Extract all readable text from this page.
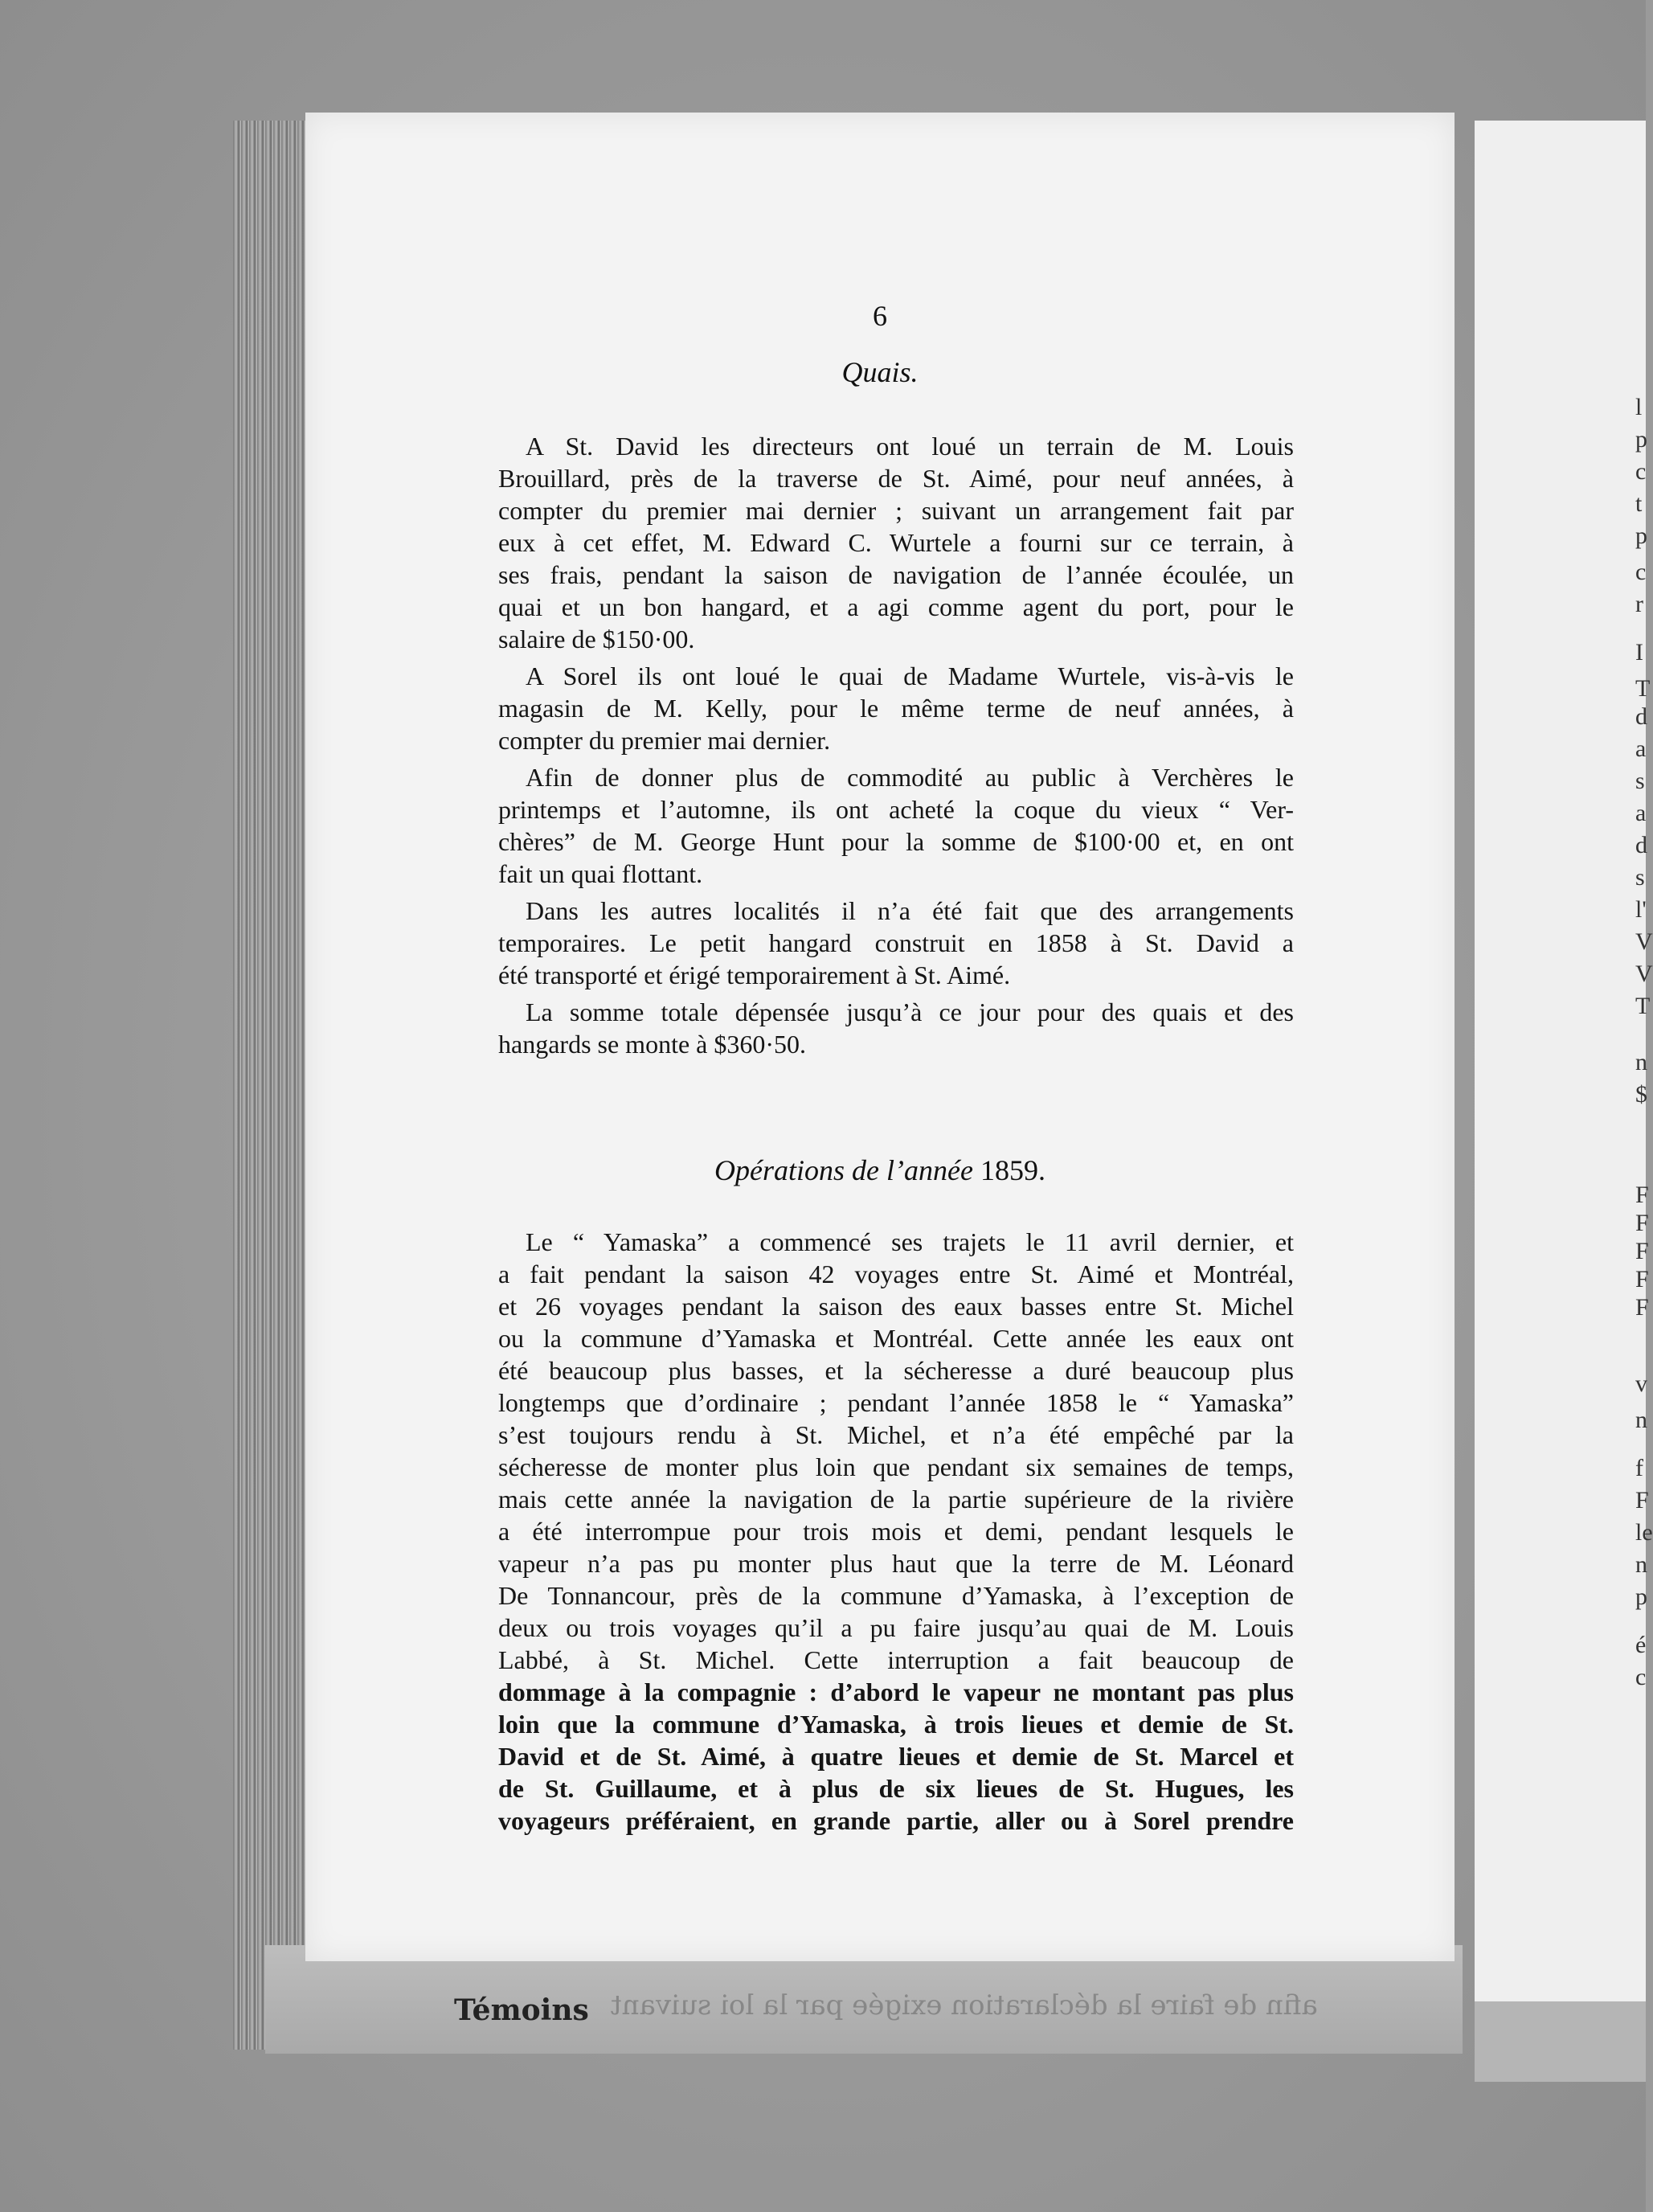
l
p
c
t
p
c
r
I
T
d
a
s
a
d
s
l'
V
V
T
n
$
F
F
F
F
F
v
n
f
F
le
n
p
é
c
afin de faire la déclaration exigée par la loi suivant
Témoins
6
Quais.

A St. David les directeurs ont loué un terrain de M. Louis
Brouillard, près de la traverse de St. Aimé, pour neuf années, à
compter du premier mai dernier ; suivant un arrangement fait par
eux à cet effet, M. Edward C. Wurtele a fourni sur ce terrain, à
ses frais, pendant la saison de navigation de l’année écoulée, un
quai et un bon hangard, et a agi comme agent du port, pour le
salaire de $150·00.

A Sorel ils ont loué le quai de Madame Wurtele, vis-à-vis le
magasin de M. Kelly, pour le même terme de neuf années, à
compter du premier mai dernier.

Afin de donner plus de commodité au public à Verchères le
printemps et l’automne, ils ont acheté la coque du vieux “ Ver-
chères” de M. George Hunt pour la somme de $100·00 et, en ont
fait un quai flottant.

Dans les autres localités il n’a été fait que des arrangements
temporaires. Le petit hangard construit en 1858 à St. David a
été transporté et érigé temporairement à St. Aimé.

La somme totale dépensée jusqu’à ce jour pour des quais et des
hangards se monte à $360·50.

Opérations de l’année 1859.

Le “ Yamaska” a commencé ses trajets le 11 avril dernier, et
a fait pendant la saison 42 voyages entre St. Aimé et Montréal,
et 26 voyages pendant la saison des eaux basses entre St. Michel
ou la commune d’Yamaska et Montréal. Cette année les eaux ont
été beaucoup plus basses, et la sécheresse a duré beaucoup plus
longtemps que d’ordinaire ; pendant l’année 1858 le “ Yamaska”
s’est toujours rendu à St. Michel, et n’a été empêché par la
sécheresse de monter plus loin que pendant six semaines de temps,
mais cette année la navigation de la partie supérieure de la rivière
a été interrompue pour trois mois et demi, pendant lesquels le
vapeur n’a pas pu monter plus haut que la terre de M. Léonard
De Tonnancour, près de la commune d’Yamaska, à l’exception de
deux ou trois voyages qu’il a pu faire jusqu’au quai de M. Louis
Labbé, à St. Michel. Cette interruption a fait beaucoup de
dommage à la compagnie : d’abord le vapeur ne montant pas plus
loin que la commune d’Yamaska, à trois lieues et demie de St.
David et de St. Aimé, à quatre lieues et demie de St. Marcel et
de St. Guillaume, et à plus de six lieues de St. Hugues, les
voyageurs préféraient, en grande partie, aller ou à Sorel prendre
